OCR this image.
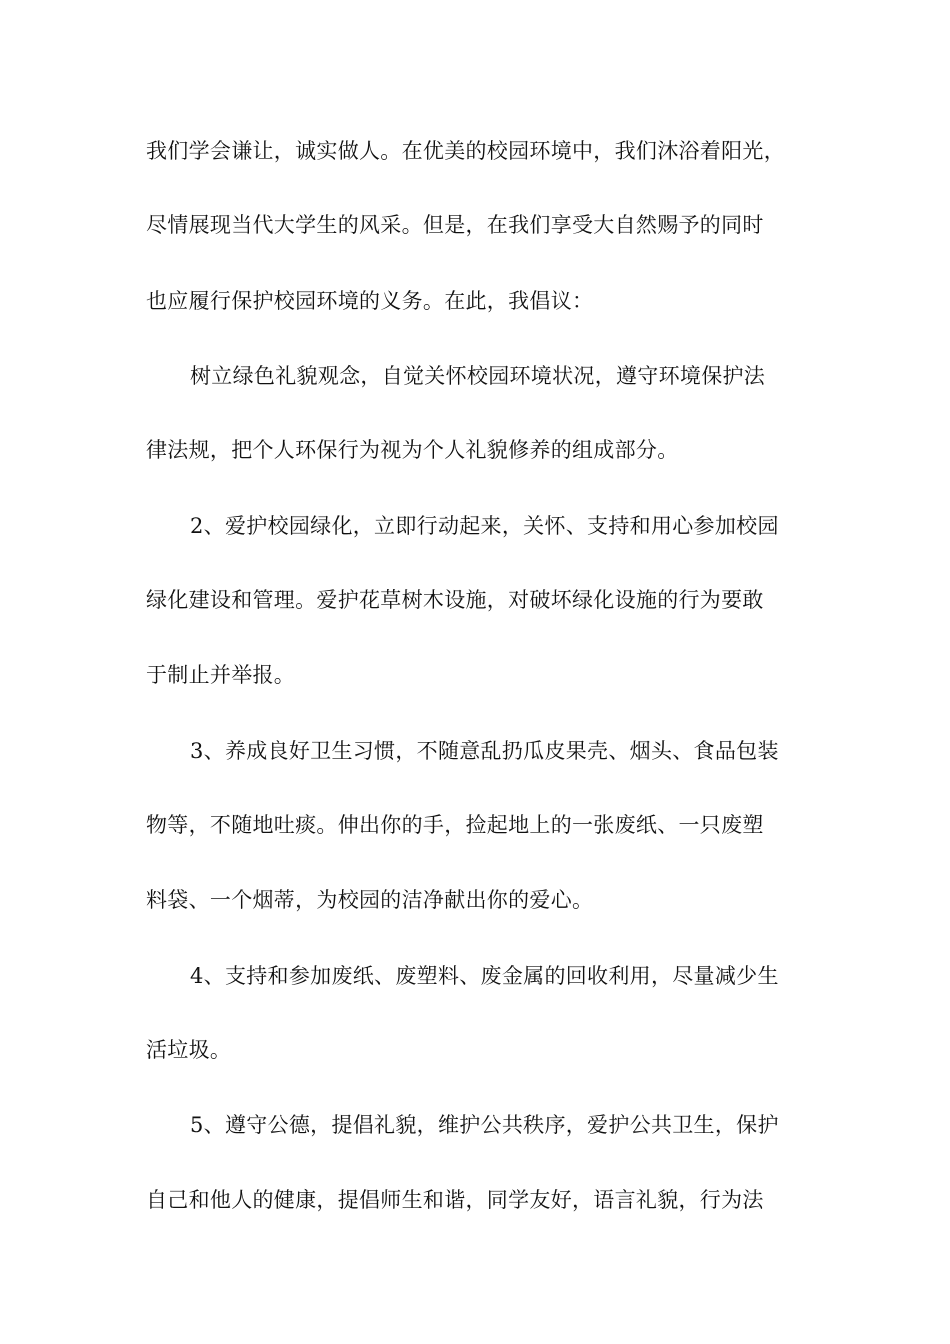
我们学会谦让，诚实做人。在优美的校园环境中，我们沐浴着阳光，
尽情展现当代大学生的风采。但是，在我们享受大自然赐予的同时
也应履行保护校园环境的义务。在此，我倡议：
树立绿色礼貌观念，自觉关怀校园环境状况，遵守环境保护法
律法规，把个人环保行为视为个人礼貌修养的组成部分。
2、爱护校园绿化，立即行动起来，关怀、支持和用心参加校园
绿化建设和管理。爱护花草树木设施，对破坏绿化设施的行为要敢
于制止并举报。
3、养成良好卫生习惯，不随意乱扔瓜皮果壳、烟头、食品包装
物等，不随地吐痰。伸出你的手，捡起地上的一张废纸、一只废塑
料袋、一个烟蒂，为校园的洁净献出你的爱心。
4、支持和参加废纸、废塑料、废金属的回收利用，尽量减少生
活垃圾。
5、遵守公德，提倡礼貌，维护公共秩序，爱护公共卫生，保护
自己和他人的健康，提倡师生和谐，同学友好，语言礼貌，行为法
